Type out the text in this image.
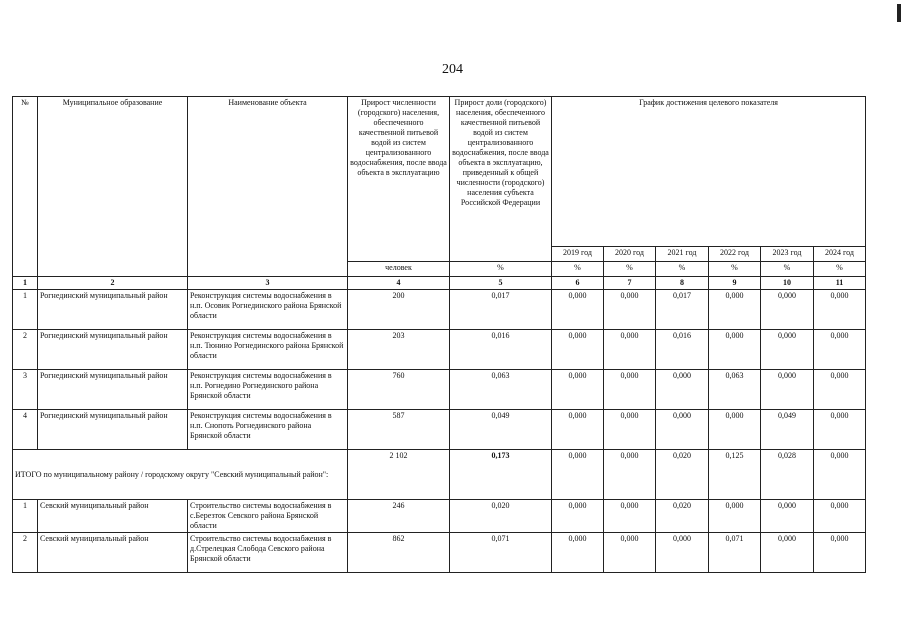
204
№	Муниципальное образование	Наименование объекта	Прирост численности (городского) населения, обеспеченного качественной питьевой водой из систем централизованного водоснабжения, после ввода объекта в эксплуатацию	Прирост доли (городского) населения, обеспеченного качественной питьевой водой из систем централизованного водоснабжения, после ввода объекта в эксплуатацию, приведенный к общей численности (городского) населения субъекта Российской Федерации	График достижения целевого показателя					
					2019 год	2020 год	2021 год	2022 год	2023 год	2024 год
			человек	%	%	%	%	%	%	%
1	2	3	4	5	6	7	8	9	10	11
1	Рогнединский муниципальный район	Реконструкция системы водоснабжения в н.п. Осовик Рогнединского района Брянской области	200	0,017	0,000	0,000	0,017	0,000	0,000	0,000
2	Рогнединский муниципальный район	Реконструкция системы водоснабжения в н.п. Тюнино Рогнединского района Брянской области	203	0,016	0,000	0,000	0,016	0,000	0,000	0,000
3	Рогнединский муниципальный район	Реконструкция системы водоснабжения в н.п. Рогнедино Рогнединского района Брянской области	760	0,063	0,000	0,000	0,000	0,063	0,000	0,000
4	Рогнединский муниципальный район	Реконструкция системы водоснабжения в н.п. Снопоть Рогнединского района Брянской области	587	0,049	0,000	0,000	0,000	0,000	0,049	0,000
ИТОГО по муниципальному району / городскому округу "Севский муниципальный район":			2 102	0,173	0,000	0,000	0,020	0,125	0,028	0,000
1	Севский муниципальный район	Строительство системы водоснабжения в с.Березток Севского района Брянской области	246	0,020	0,000	0,000	0,020	0,000	0,000	0,000
2	Севский муниципальный район	Строительство системы водоснабжения в д.Стрелецкая Слобода Севского района Брянской области	862	0,071	0,000	0,000	0,000	0,071	0,000	0,000
